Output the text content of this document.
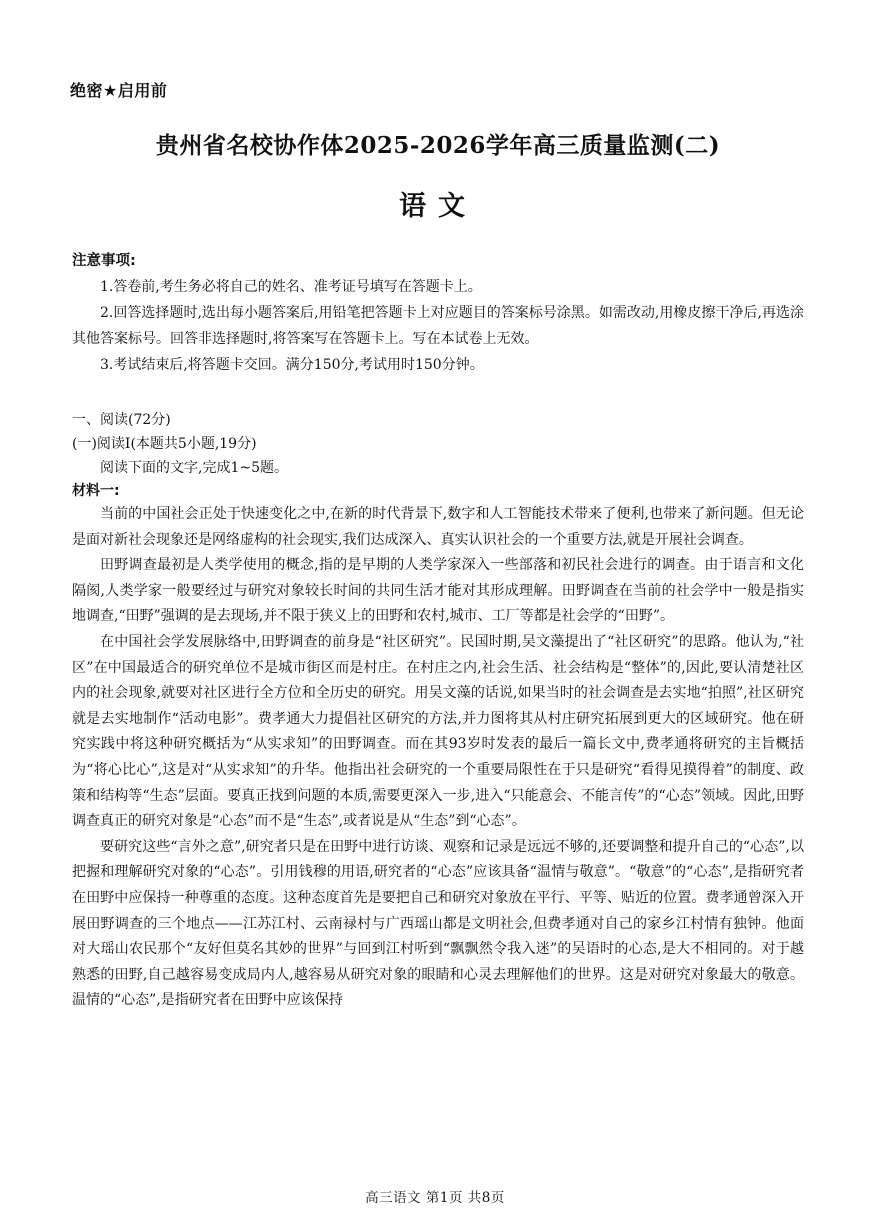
绝密★启用前
贵州省名校协作体2025-2026学年高三质量监测(二)
语文
注意事项:

1.答卷前,考生务必将自己的姓名、准考证号填写在答题卡上。

2.回答选择题时,选出每小题答案后,用铅笔把答题卡上对应题目的答案标号涂黑。如需改动,用橡皮擦干净后,再选涂其他答案标号。回答非选择题时,将答案写在答题卡上。写在本试卷上无效。

3.考试结束后,将答题卡交回。满分150分,考试用时150分钟。

一、阅读(72分)
(一)阅读Ⅰ(本题共5小题,19分)
阅读下面的文字,完成1~5题。
材料一:

当前的中国社会正处于快速变化之中,在新的时代背景下,数字和人工智能技术带来了便利,也带来了新问题。但无论是面对新社会现象还是网络虚构的社会现实,我们达成深入、真实认识社会的一个重要方法,就是开展社会调查。

田野调查最初是人类学使用的概念,指的是早期的人类学家深入一些部落和初民社会进行的调查。由于语言和文化隔阂,人类学家一般要经过与研究对象较长时间的共同生活才能对其形成理解。田野调查在当前的社会学中一般是指实地调查,“田野”强调的是去现场,并不限于狭义上的田野和农村,城市、工厂等都是社会学的“田野”。

在中国社会学发展脉络中,田野调查的前身是“社区研究”。民国时期,吴文藻提出了“社区研究”的思路。他认为,“社区”在中国最适合的研究单位不是城市街区而是村庄。在村庄之内,社会生活、社会结构是“整体”的,因此,要认清楚社区内的社会现象,就要对社区进行全方位和全历史的研究。用吴文藻的话说,如果当时的社会调查是去实地“拍照”,社区研究就是去实地制作“活动电影”。费孝通大力提倡社区研究的方法,并力图将其从村庄研究拓展到更大的区域研究。他在研究实践中将这种研究概括为“从实求知”的田野调查。而在其93岁时发表的最后一篇长文中,费孝通将研究的主旨概括为“将心比心”,这是对“从实求知”的升华。他指出社会研究的一个重要局限性在于只是研究“看得见摸得着”的制度、政策和结构等“生态”层面。要真正找到问题的本质,需要更深入一步,进入“只能意会、不能言传”的“心态”领域。因此,田野调查真正的研究对象是“心态”而不是“生态”,或者说是从“生态”到“心态”。

要研究这些“言外之意”,研究者只是在田野中进行访谈、观察和记录是远远不够的,还要调整和提升自己的“心态”,以把握和理解研究对象的“心态”。引用钱穆的用语,研究者的“心态”应该具备“温情与敬意”。“敬意”的“心态”,是指研究者在田野中应保持一种尊重的态度。这种态度首先是要把自己和研究对象放在平行、平等、贴近的位置。费孝通曾深入开展田野调查的三个地点——江苏江村、云南禄村与广西瑶山都是文明社会,但费孝通对自己的家乡江村情有独钟。他面对大瑶山农民那个“友好但莫名其妙的世界”与回到江村听到“飘飘然令我入迷”的吴语时的心态,是大不相同的。对于越熟悉的田野,自己越容易变成局内人,越容易从研究对象的眼睛和心灵去理解他们的世界。这是对研究对象最大的敬意。温情的“心态”,是指研究者在田野中应该保持

高三语文 第1页 共8页
